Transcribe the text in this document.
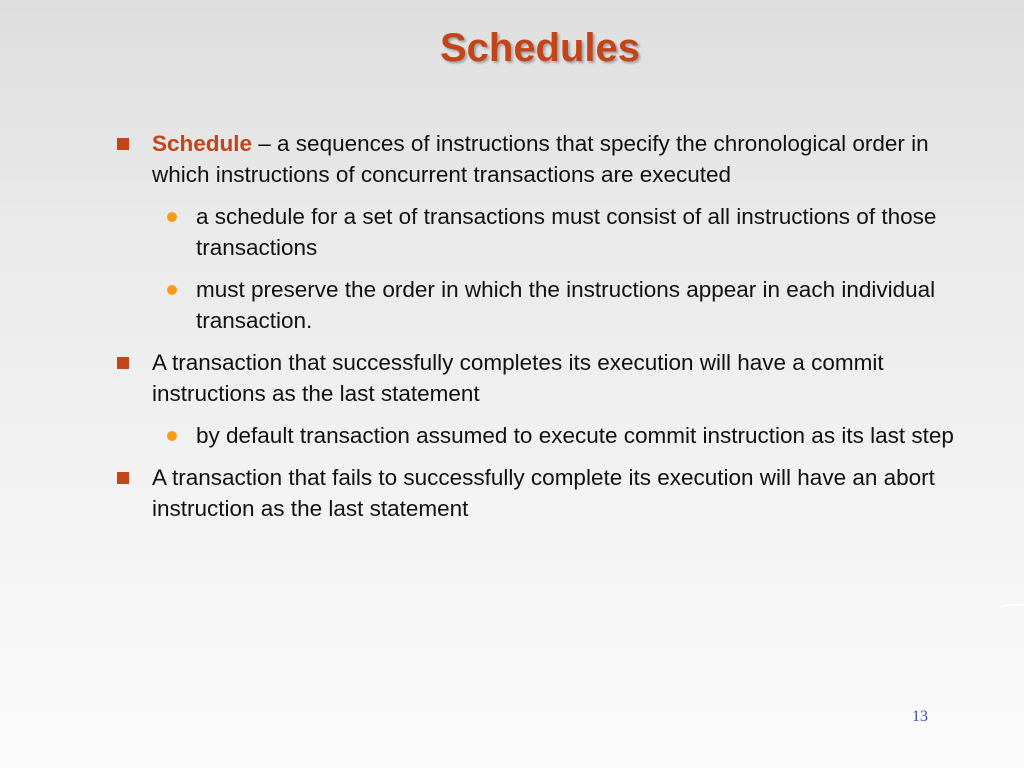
Schedules
Schedule – a sequences of instructions that specify the chronological order in which instructions of concurrent transactions are executed
a schedule for a set of transactions must consist of all instructions of those transactions
must preserve the order in which the instructions appear in each individual transaction.
A transaction that successfully completes its execution will have a commit instructions as the last statement
by default transaction assumed to execute commit instruction as its last step
A transaction that fails to successfully complete its execution will have an abort instruction as the last statement
13
